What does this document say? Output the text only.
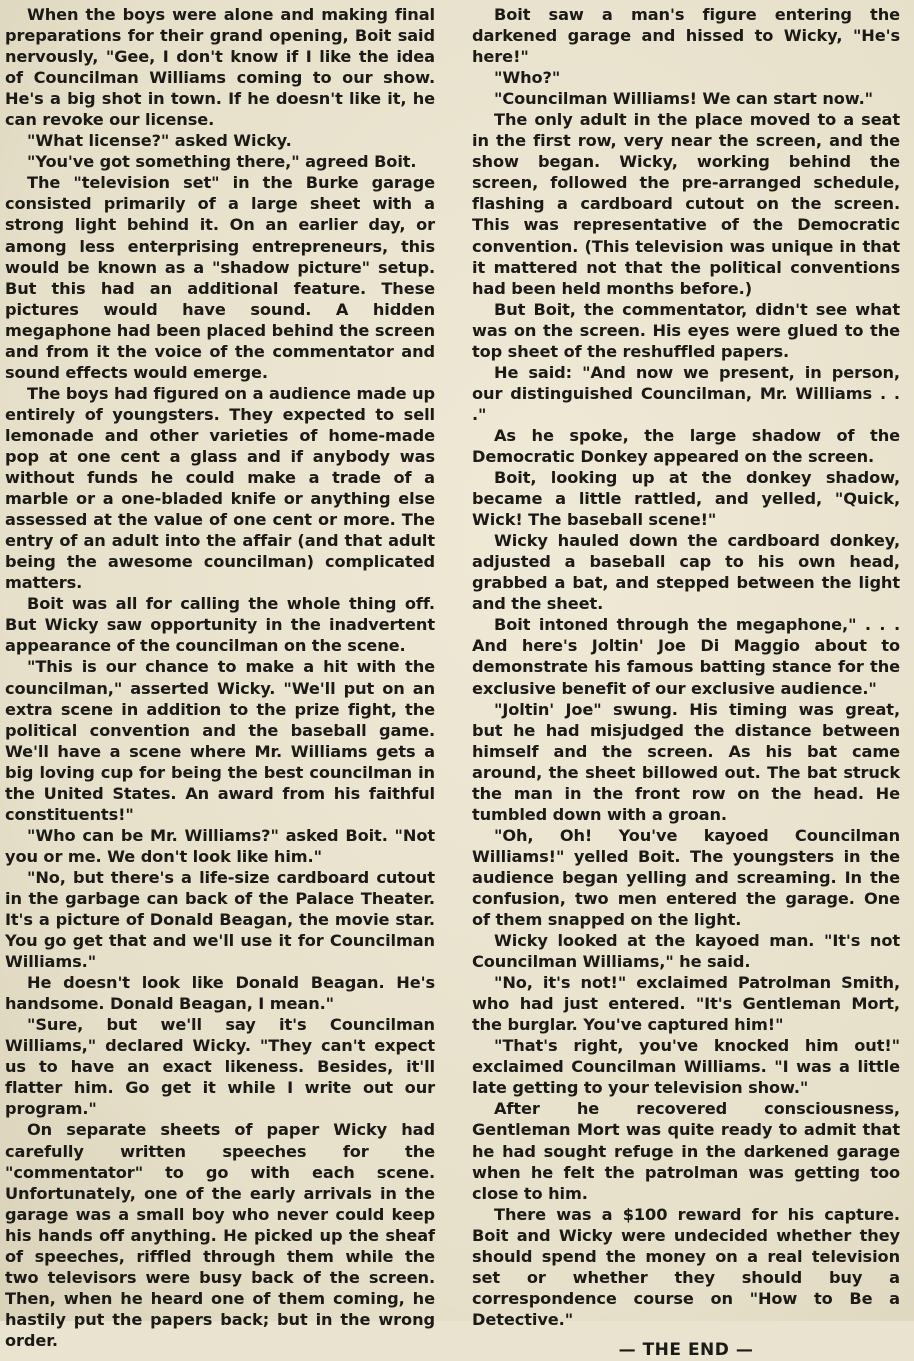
When the boys were alone and making final preparations for their grand opening, Boit said nervously, "Gee, I don't know if I like the idea of Councilman Williams coming to our show. He's a big shot in town. If he doesn't like it, he can revoke our license.

"What license?" asked Wicky.

"You've got something there," agreed Boit.

The "television set" in the Burke garage consisted primarily of a large sheet with a strong light behind it. On an earlier day, or among less enterprising entrepreneurs, this would be known as a "shadow picture" setup. But this had an additional feature. These pictures would have sound. A hidden megaphone had been placed behind the screen and from it the voice of the commentator and sound effects would emerge.

The boys had figured on a audience made up entirely of youngsters. They expected to sell lemonade and other varieties of home-made pop at one cent a glass and if anybody was without funds he could make a trade of a marble or a one-bladed knife or anything else assessed at the value of one cent or more. The entry of an adult into the affair (and that adult being the awesome councilman) complicated matters.

Boit was all for calling the whole thing off. But Wicky saw opportunity in the inadvertent appearance of the councilman on the scene.

"This is our chance to make a hit with the councilman," asserted Wicky. "We'll put on an extra scene in addition to the prize fight, the political convention and the baseball game. We'll have a scene where Mr. Williams gets a big loving cup for being the best councilman in the United States. An award from his faithful constituents!"

"Who can be Mr. Williams?" asked Boit. "Not you or me. We don't look like him."

"No, but there's a life-size cardboard cutout in the garbage can back of the Palace Theater. It's a picture of Donald Beagan, the movie star. You go get that and we'll use it for Councilman Williams."

He doesn't look like Donald Beagan. He's handsome. Donald Beagan, I mean."

"Sure, but we'll say it's Councilman Williams," declared Wicky. "They can't expect us to have an exact likeness. Besides, it'll flatter him. Go get it while I write out our program."

On separate sheets of paper Wicky had carefully written speeches for the "commentator" to go with each scene. Unfortunately, one of the early arrivals in the garage was a small boy who never could keep his hands off anything. He picked up the sheaf of speeches, riffled through them while the two televisors were busy back of the screen. Then, when he heard one of them coming, he hastily put the papers back; but in the wrong order.

Boit saw a man's figure entering the darkened garage and hissed to Wicky, "He's here!"

"Who?"

"Councilman Williams! We can start now."

The only adult in the place moved to a seat in the first row, very near the screen, and the show began. Wicky, working behind the screen, followed the pre-arranged schedule, flashing a cardboard cutout on the screen. This was representative of the Democratic convention. (This television was unique in that it mattered not that the political conventions had been held months before.)

But Boit, the commentator, didn't see what was on the screen. His eyes were glued to the top sheet of the reshuffled papers.

He said: "And now we present, in person, our distinguished Councilman, Mr. Williams . . ."

As he spoke, the large shadow of the Democratic Donkey appeared on the screen.

Boit, looking up at the donkey shadow, became a little rattled, and yelled, "Quick, Wick! The baseball scene!"

Wicky hauled down the cardboard donkey, adjusted a baseball cap to his own head, grabbed a bat, and stepped between the light and the sheet.

Boit intoned through the megaphone," . . . And here's Joltin' Joe Di Maggio about to demonstrate his famous batting stance for the exclusive benefit of our exclusive audience."

"Joltin' Joe" swung. His timing was great, but he had misjudged the distance between himself and the screen. As his bat came around, the sheet billowed out. The bat struck the man in the front row on the head. He tumbled down with a groan.

"Oh, Oh! You've kayoed Councilman Williams!" yelled Boit. The youngsters in the audience began yelling and screaming. In the confusion, two men entered the garage. One of them snapped on the light.

Wicky looked at the kayoed man. "It's not Councilman Williams," he said.

"No, it's not!" exclaimed Patrolman Smith, who had just entered. "It's Gentleman Mort, the burglar. You've captured him!"

"That's right, you've knocked him out!" exclaimed Councilman Williams. "I was a little late getting to your television show."

After he recovered consciousness, Gentleman Mort was quite ready to admit that he had sought refuge in the darkened garage when he felt the patrolman was getting too close to him.

There was a $100 reward for his capture. Boit and Wicky were undecided whether they should spend the money on a real television set or whether they should buy a correspondence course on "How to Be a Detective."

— THE END —
